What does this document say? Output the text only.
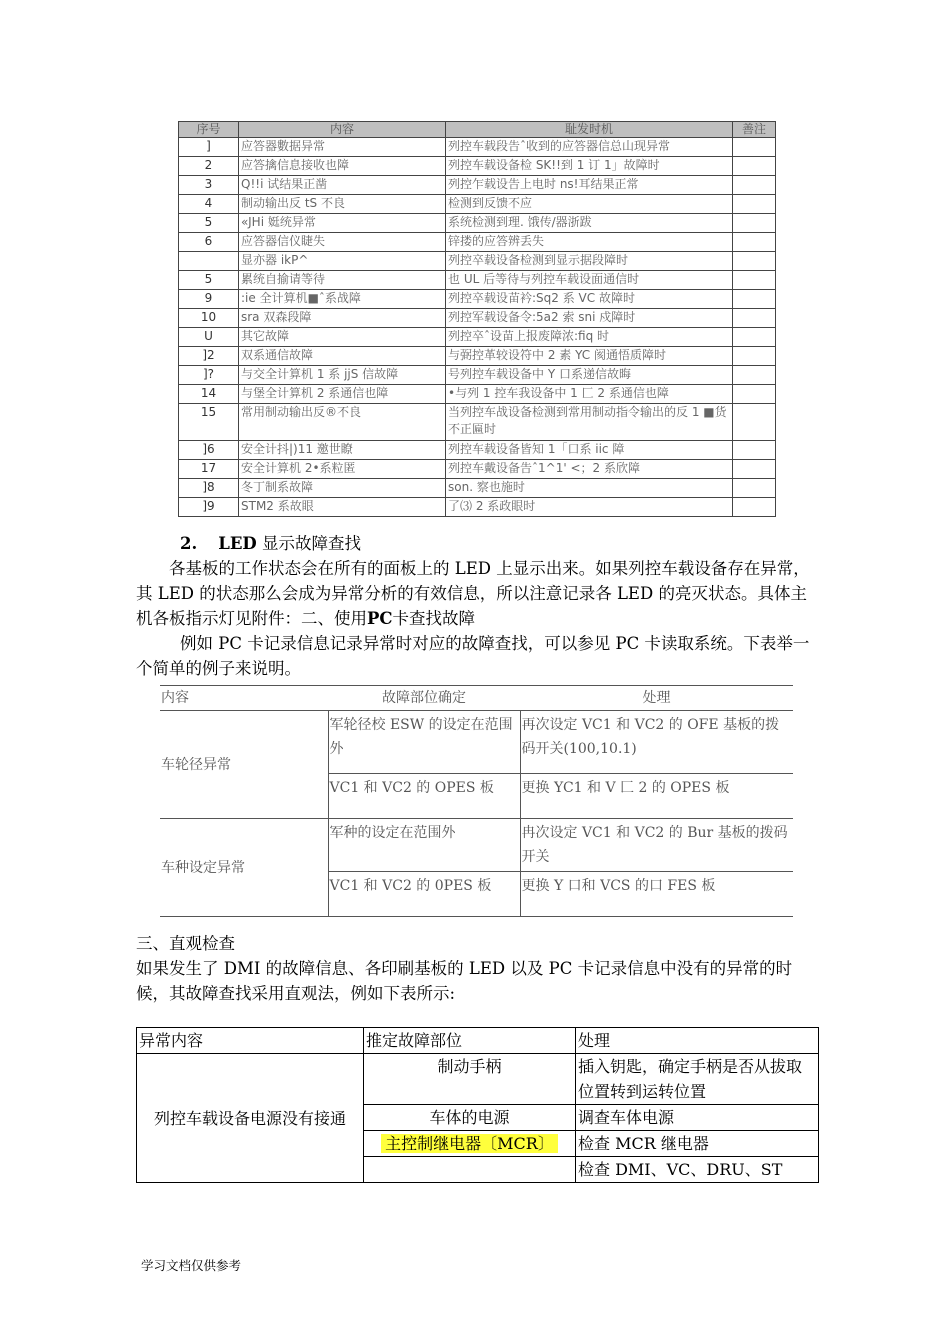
序号	内容	耻发时机	善注
]	应答器數据异常	列控车载段告ˆ收到的应答器信总山现异常	
2	应答擒信息接收也障	列控车载设备检 SK!!到 1 订 1」故障时	
3	Q!!i 试结果正凿	列控乍载设告上电时 ns!耳结果正常	
4	制动输出反 tS 不良	检测到反馈不应	
5	«JHi 娗统异常	系统检测到理. 饿传/器浙跋	
6	应答器信仪睫失	锌搂的应答辨丢失	
	显亦器 ikP^	列控卒载设备检测到显示据段障时	
5	累统自揄请等待	也 UL 后等待与列控车载设面通信时	
9	:ie 全计算机■ˆ系战障	列控卒载设苗衿:Sq2 系 VC 故障时	
10	sra 双森段障	列控军载设备令:5a2 索 sni 戍障时	
U	其它故障	列控卒ˆ设苗上报废障浓:fiq 时	
]2	双系通信故障	与弼控革较设符中 2 素 YC 阂通悟质障时	
]?	与交全计算机 1 系 jjS 信故障	号列控车载设备中 Y 口系递信故晦	
14	与堡全计算机 2 系通信也障	•与列 1 控车我设备中 1 匚 2 系通信也障	
15	常用制动输出反®不良	当列控车战设备检测到常用制动指令输出的反 1 ■货不正匾时	
]6	安全计抖|)11 邀世瞭	列控车载设备皆知 1「口系 iic 障	
17	安全计算机 2•系粒匿	列控车戴设备告ˆ1^1' <；2 系欣障	
]8	冬丁制系故障	son. 察也施时	
]9	STM2 系故眼	了⑶ 2 系政眼时	

2. LED 显示故障查找

各基板的工作状态会在所有的面板上的 LED 上显示出来。如果列控车载设备存在异常，其 LED 的状态那么会成为异常分析的有效信息，所以注意记录各 LED 的亮灭状态。具体主机各板指示灯见附件：二、使用PC卡查找故障

例如 PC 卡记录信息记录异常时对应的故障查找，可以参见 PC 卡读取系统。下表举一个简单的例子来说明。

内容	故障部位确定	处理
车轮径异常	军轮径校 ESW 的设定在范围外	再次设定 VC1 和 VC2 的 OFE 基板的拨码开关(100,10.1)
	VC1 和 VC2 的 OPES 板	更换 YC1 和 V 匚 2 的 OPES 板
车种设定异常	军种的设定在范围外	冉次设定 VC1 和 VC2 的 Bur 基板的拨码开关
	VC1 和 VC2 的 0PES 板	更换 Y 口和 VCS 的口 FES 板

三、直观检查

如果发生了 DMI 的故障信息、各印刷基板的 LED 以及 PC 卡记录信息中没有的异常的时候，其故障查找采用直观法，例如下表所示:

异常内容	推定故障部位	处理
列控车载设备电源没有接通	制动手柄	插入钥匙，确定手柄是否从拔取位置转到运转位置
	车体的电源	调查车体电源
	主控制继电器〔MCR〕	检查 MCR 继电器
		检查 DMI、VC、DRU、ST
学习文档仅供参考
